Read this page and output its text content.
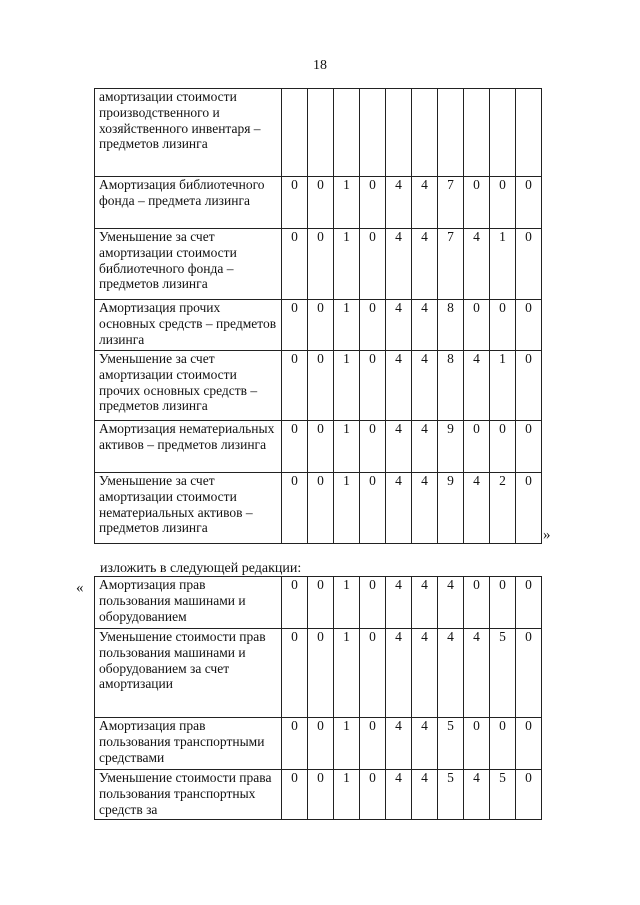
18
амортизации стоимости производственного и хозяйственного инвентаря – предметов лизинга										
Амортизация библиотечного фонда – предмета лизинга	0	0	1	0	4	4	7	0	0	0
Уменьшение за счет амортизации стоимости библиотечного фонда – предметов лизинга	0	0	1	0	4	4	7	4	1	0
Амортизация прочих основных средств – предметов лизинга	0	0	1	0	4	4	8	0	0	0
Уменьшение за счет амортизации стоимости прочих основных средств – предметов лизинга	0	0	1	0	4	4	8	4	1	0
Амортизация нематериальных активов – предметов лизинга	0	0	1	0	4	4	9	0	0	0
Уменьшение за счет амортизации стоимости нематериальных активов – предметов лизинга	0	0	1	0	4	4	9	4	2	0
»
изложить в следующей редакции:
« Амортизация прав пользования машинами и оборудованием	0	0	1	0	4	4	4	0	0	0
Уменьшение стоимости прав пользования машинами и оборудованием за счет амортизации	0	0	1	0	4	4	4	4	5	0
Амортизация прав пользования транспортными средствами	0	0	1	0	4	4	5	0	0	0
Уменьшение стоимости права пользования транспортных средств за	0	0	1	0	4	4	5	4	5	0
